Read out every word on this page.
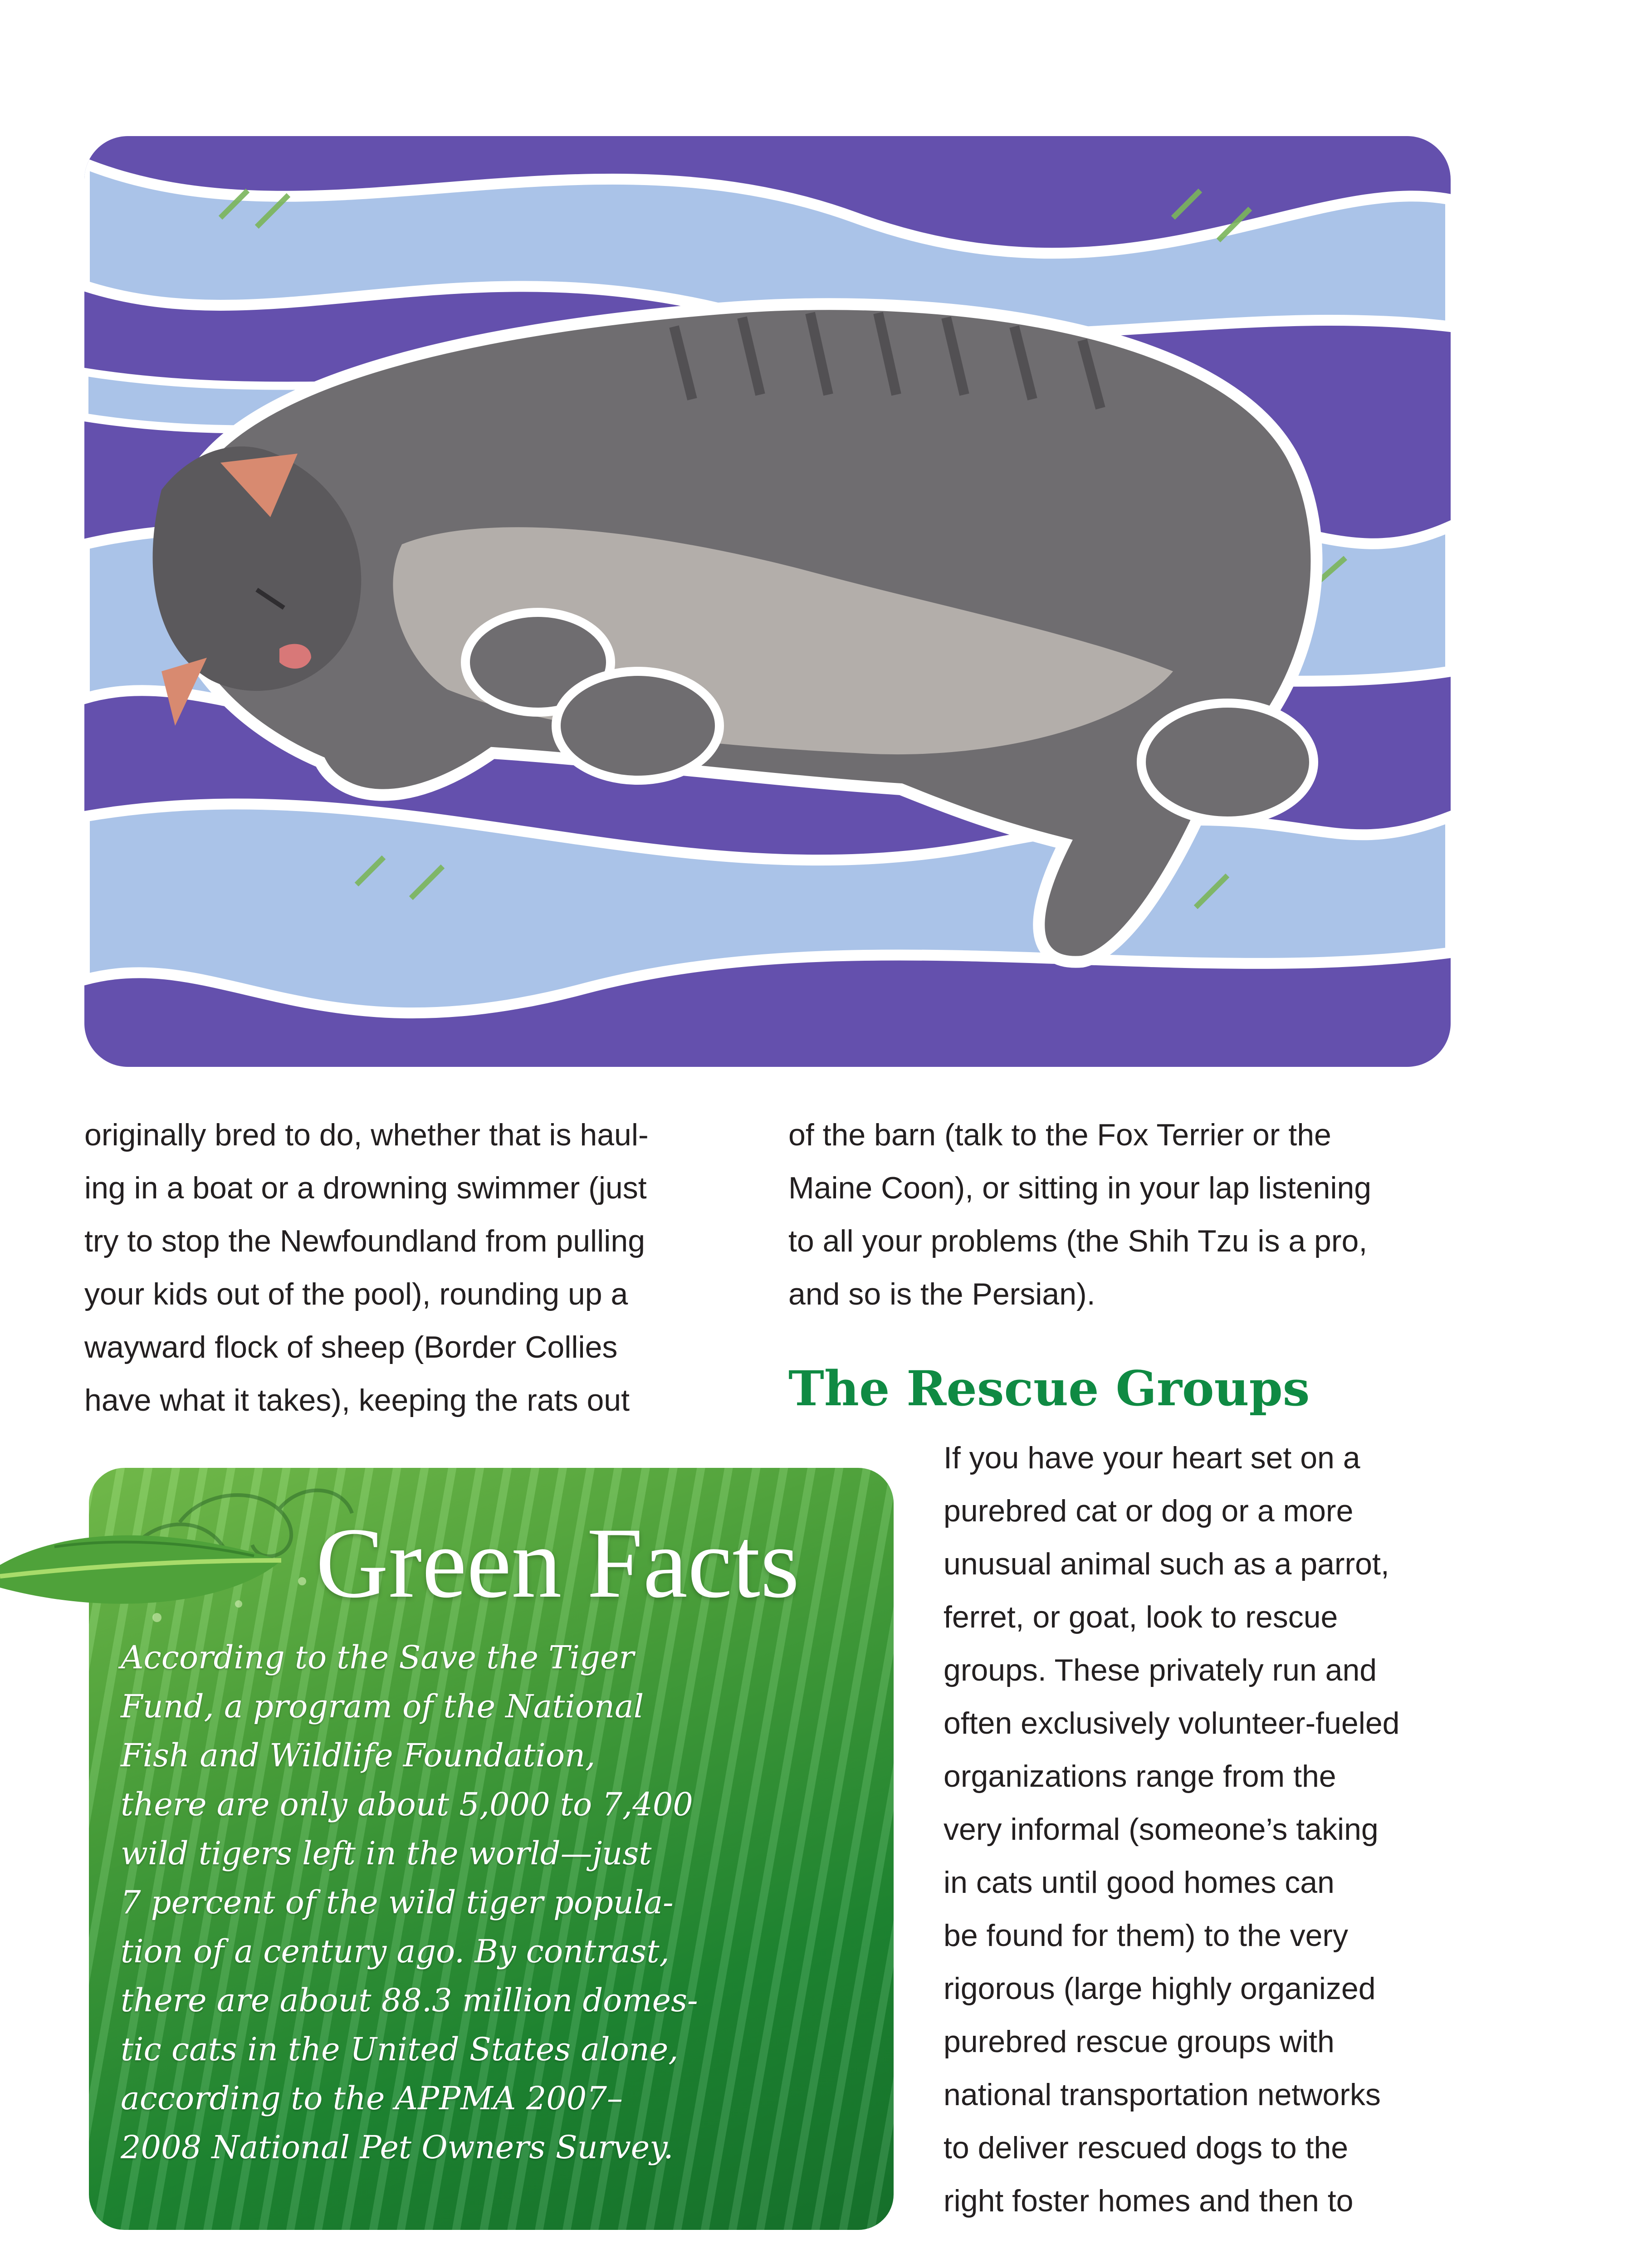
originally bred to do, whether that is haul-
ing in a boat or a drowning swimmer (just
try to stop the Newfoundland from pulling
your kids out of the pool), rounding up a
wayward flock of sheep (Border Collies
have what it takes), keeping the rats out

of the barn (talk to the Fox Terrier or the
Maine Coon), or sitting in your lap listening
to all your problems (the Shih Tzu is a pro,
and so is the Persian).

The Rescue Groups

If you have your heart set on a
purebred cat or dog or a more
unusual animal such as a parrot,
ferret, or goat, look to rescue
groups. These privately run and
often exclusively volunteer-fueled
organizations range from the
very informal (someone’s taking
in cats until good homes can
be found for them) to the very
rigorous (large highly organized
purebred rescue groups with
national transportation networks
to deliver rescued dogs to the
right foster homes and then to

Green Facts

According to the Save the Tiger
Fund, a program of the National
Fish and Wildlife Foundation,
there are only about 5,000 to 7,400
wild tigers left in the world—just
7 percent of the wild tiger popula-
tion of a century ago. By contrast,
there are about 88.3 million domes-
tic cats in the United States alone,
according to the APPMA 2007–
2008 National Pet Owners Survey.
